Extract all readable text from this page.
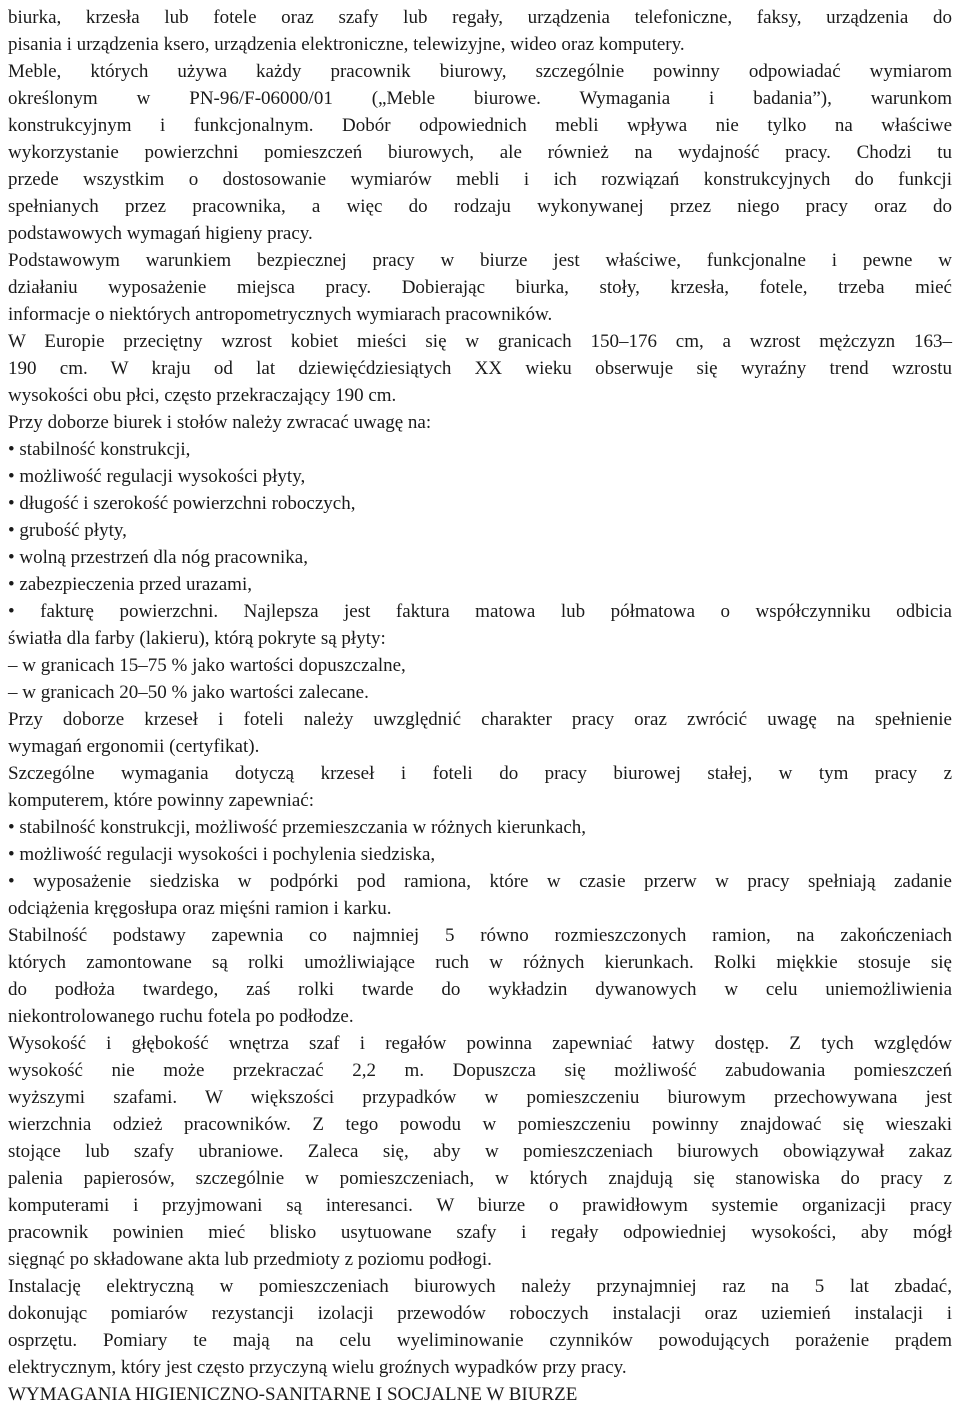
biurka, krzesła lub fotele oraz szafy lub regały, urządzenia telefoniczne, faksy, urządzenia do
pisania i urządzenia ksero, urządzenia elektroniczne, telewizyjne, wideo oraz komputery.
Meble, których używa każdy pracownik biurowy, szczególnie powinny odpowiadać wymiarom
określonym w PN-96/F-06000/01 („Meble biurowe. Wymagania i badania”), warunkom
konstrukcyjnym i funkcjonalnym. Dobór odpowiednich mebli wpływa nie tylko na właściwe
wykorzystanie powierzchni pomieszczeń biurowych, ale również na wydajność pracy. Chodzi tu
przede wszystkim o dostosowanie wymiarów mebli i ich rozwiązań konstrukcyjnych do funkcji
spełnianych przez pracownika, a więc do rodzaju wykonywanej przez niego pracy oraz do
podstawowych wymagań higieny pracy.
Podstawowym warunkiem bezpiecznej pracy w biurze jest właściwe, funkcjonalne i pewne w
działaniu wyposażenie miejsca pracy. Dobierając biurka, stoły, krzesła, fotele, trzeba mieć
informacje o niektórych antropometrycznych wymiarach pracowników.
W Europie przeciętny wzrost kobiet mieści się w granicach 150–176 cm, a wzrost mężczyzn 163–
190 cm. W kraju od lat dziewięćdziesiątych XX wieku obserwuje się wyraźny trend wzrostu
wysokości obu płci, często przekraczający 190 cm.
Przy doborze biurek i stołów należy zwracać uwagę na:
• stabilność konstrukcji,
• możliwość regulacji wysokości płyty,
• długość i szerokość powierzchni roboczych,
• grubość płyty,
• wolną przestrzeń dla nóg pracownika,
• zabezpieczenia przed urazami,
• fakturę powierzchni. Najlepsza jest faktura matowa lub półmatowa o współczynniku odbicia
światła dla farby (lakieru), którą pokryte są płyty:
– w granicach 15–75 % jako wartości dopuszczalne,
– w granicach 20–50 % jako wartości zalecane.
Przy doborze krzeseł i foteli należy uwzględnić charakter pracy oraz zwrócić uwagę na spełnienie
wymagań ergonomii (certyfikat).
Szczególne wymagania dotyczą krzeseł i foteli do pracy biurowej stałej, w tym pracy z
komputerem, które powinny zapewniać:
• stabilność konstrukcji, możliwość przemieszczania w różnych kierunkach,
• możliwość regulacji wysokości i pochylenia siedziska,
• wyposażenie siedziska w podpórki pod ramiona, które w czasie przerw w pracy spełniają zadanie
odciążenia kręgosłupa oraz mięśni ramion i karku.
Stabilność podstawy zapewnia co najmniej 5 równo rozmieszczonych ramion, na zakończeniach
których zamontowane są rolki umożliwiające ruch w różnych kierunkach. Rolki miękkie stosuje się
do podłoża twardego, zaś rolki twarde do wykładzin dywanowych w celu uniemożliwienia
niekontrolowanego ruchu fotela po podłodze.
Wysokość i głębokość wnętrza szaf i regałów powinna zapewniać łatwy dostęp. Z tych względów
wysokość nie może przekraczać 2,2 m. Dopuszcza się możliwość zabudowania pomieszczeń
wyższymi szafami. W większości przypadków w pomieszczeniu biurowym przechowywana jest
wierzchnia odzież pracowników. Z tego powodu w pomieszczeniu powinny znajdować się wieszaki
stojące lub szafy ubraniowe. Zaleca się, aby w pomieszczeniach biurowych obowiązywał zakaz
palenia papierosów, szczególnie w pomieszczeniach, w których znajdują się stanowiska do pracy z
komputerami i przyjmowani są interesanci. W biurze o prawidłowym systemie organizacji pracy
pracownik powinien mieć blisko usytuowane szafy i regały odpowiedniej wysokości, aby mógł
sięgnąć po składowane akta lub przedmioty z poziomu podłogi.
Instalację elektryczną w pomieszczeniach biurowych należy przynajmniej raz na 5 lat zbadać,
dokonując pomiarów rezystancji izolacji przewodów roboczych instalacji oraz uziemień instalacji i
osprzętu. Pomiary te mają na celu wyeliminowanie czynników powodujących porażenie prądem
elektrycznym, który jest często przyczyną wielu groźnych wypadków przy pracy.
WYMAGANIA HIGIENICZNO-SANITARNE I SOCJALNE W BIURZE
